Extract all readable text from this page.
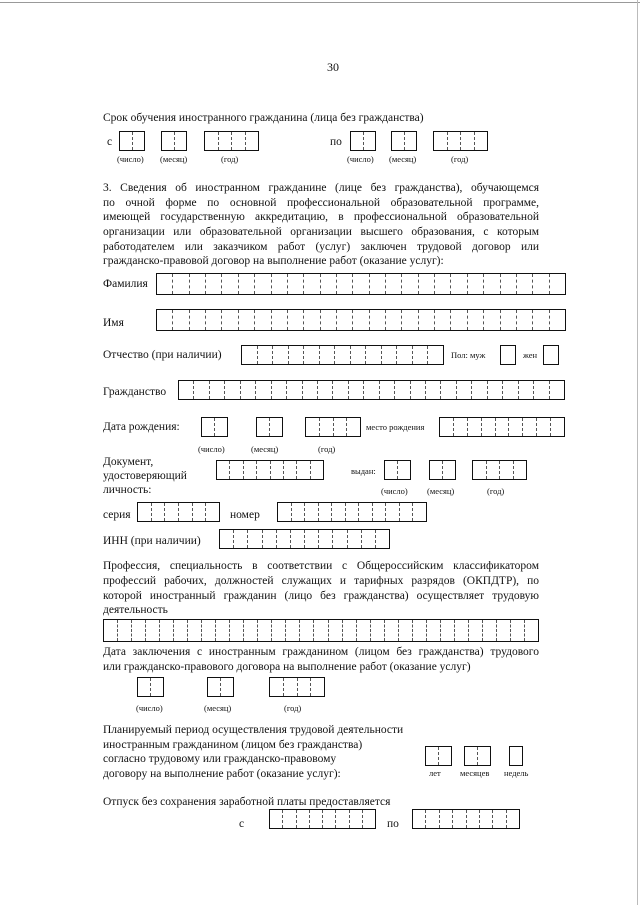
30
Срок обучения иностранного гражданина (лица без гражданства)
с
(число) (месяц)	(год)
по
(число) (месяц)	(год)
3. Сведения об иностранном гражданине (лице без гражданства), обучающемся
по очной форме по основной профессиональной образовательной программе,
имеющей государственную аккредитацию, в профессиональной образовательной
организации или образовательной организации высшего образования, с которым
работодателем или заказчиком работ (услуг) заключен трудовой договор или
гражданско-правовой договор на выполнение работ (оказание услуг):
Фамилия
Имя
Отчество (при наличии)	Пол: муж	жен
Гражданство
Дата рождения:	место рождения
(число)	(месяц)	(год)
Документ,
удостоверяющий
личность:
выдан:
(число) (месяц)	(год)
серия	номер
ИНН (при наличии)
Профессия, специальность в соответствии с Общероссийским классификатором
профессий рабочих, должностей служащих и тарифных разрядов (ОКПДТР), по
которой иностранный гражданин (лицо без гражданства) осуществляет трудовую
деятельность
Дата заключения с иностранным гражданином (лицом без гражданства) трудового
или гражданско-правового договора на выполнение работ (оказание услуг)
(число)	(месяц)	(год)
Планируемый период осуществления трудовой деятельности
иностранным гражданином (лицом без гражданства)
согласно трудовому или гражданско-правовому
договору на выполнение работ (оказание услуг):	лет месяцев недель
Отпуск без сохранения заработной платы предоставляется
с	по
